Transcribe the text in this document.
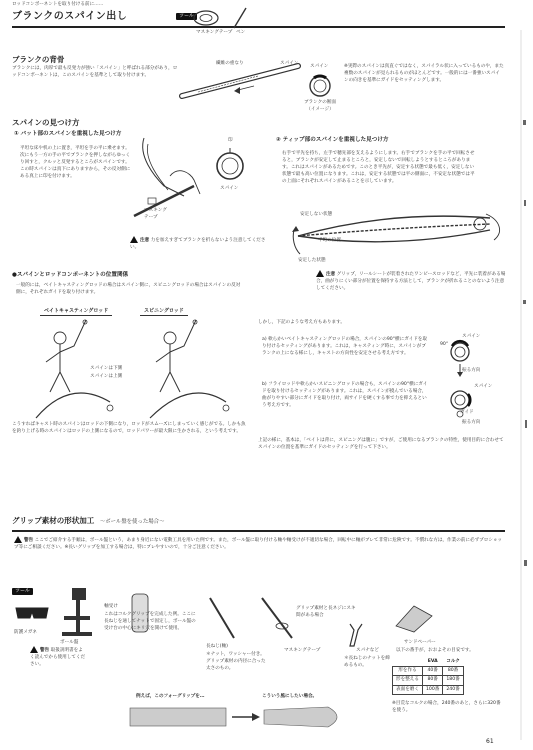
ロッドコンポーネントを取り付ける前に……
ブランクのスパイン出し	ツール
マスキングテープ ペン
ブランクの背骨
ブランクには，肉厚で最も反発力が強い「スパイン」と呼ばれる部分があり，ロッドコンポーネントは，このスパインを基準として取り付けます。
繊維の重なり	スパイン
スパイン
ブランクの断面（イメージ）
※実際のスパインは真直ぐではなく，スパイラル状に入っているものや，また複数のスパインが見られるものがほとんどです。一般的には一番強いスパインの向きを基準にガイドをセッティングします。
スパインの見つけ方
① バット部のスパインを重視した見つけ方
平坦な床や机の上に置き，平坦を手の平に乗せます。次にもう一方の手の平でブランクを押しながらゆっくり回すと，クルッと反発するところがスパインです。この時スパインは真下にありますから，その反対側にある真上に印を付けます。
マスキングテープ
印
スパイン
注意 力を加えすぎてブランクを折らないよう注意してください。
② ティップ部のスパインを重視した見つけ方
右手で平先を持ち，左手で穂先部を支えるようにします。右手でブランクを手の平で回転させると，ブランクが安定して止まるところと，安定しないで回転しようとするところがあります。これはスパインがあるためです。このとき平先が，安定する状態で最も低く，安定しない状態で最も高い位置になります。これは，安定する状態では平の側面に，不安定な状態では平の上面にそれぞれスパインがあることを示しています。
安定しない状態
平均の位置
安定した状態
注意 グリップ，リールシートが装着されたワンピースロッドなど，平先に装着がある場合，曲がりにくい部分が位置を保持する方法として，ブランクが折れることのないよう注意してください。
●スパインとロッドコンポーネントの位置関係
一般的には，ベイトキャスティングロッドの場合はスパイン側に，スピニングロッドの場合はスパインの反対側に，それぞれガイドを取り付けます。
ベイトキャスティングロッド	スピニングロッド
スパインは下側
スパインは上側
こうすればキャスト時のスパインはロッドの下側になり，ロッドがスムーズにしまっていく感じがでる。しかも魚を釣り上げる時のスパインはロッドの上側になるので，ロッドパワーが最大限に生かされる，という考えです。
しかし，下記のような考え方もあります。
a) 軟らかいベイトキャスティングロッドの場合，スパインの90°横にガイドを取り付けるセッティングがあります。これは，キャスティング時に，スパインがブランクの上になる様にし，キャストの方向性を安定させる考え方です。
b) フライロッドや軟らかいスピニングロッドの場合も，スパインの90°横にガイドを取り付けるセッティングがあります。これは，スパインが撓んでいる場合，曲がりやすい部分にガイドを取り付け，両サイドを硬くする事で力を抑えるという考え方です。
90°
スパイン
振る方向
スパイン
ガイド
振る方向
上記の様に，基本は，「ベイトは背に，スピニングは腹に」ですが，ご使用になるブランクの特性，使用目的に合わせてスパインの位置を基準にガイドのセッティングを行って下さい。
グリップ素材の形状加工 ～ボール盤を使った場合～
警告 ここでご紹介する手順は，ボール盤という，あまり身近にない電動工具を用いた例です。また，ボール盤に取り付ける軸や軸受けが不適切な場合，回転中に軸がブレて非常に危険です。不慣れな方は，作業の前に必ずプロショップ等にご相談ください。※長いグリップを加工する場合は，特にブレやすいので，十分ご注意ください。
ツール
防護メガネ
ボール盤
警告 取扱説明書をよく読んでから使用してください。
軸受け
これはコルクグリップを完成した例。ここに長ねじを通してナットで固定し，ボール盤の受け台の中心にキリ穴を開けて使用。
長ねじ(軸)
＊ナット，ワッシャー付き。グリップ素材の内径に合った太さのもの。
マスキングテープ
グリップ素材と長ネジにスキ間がある場合
スパナなど
＊長ねじのナットを締めるもの。
サンドペーパー
以下の番手が，おおよその目安です。
	EVA	コルク
形を作る	40番	80番
形を整える	80番	180番
表面を磨く	100番	240番
※目荒なコルクの場合，240番のあと，さらに320番を使う。
例えば，このフォーグリップを…	こういう風にしたい場合。
61
